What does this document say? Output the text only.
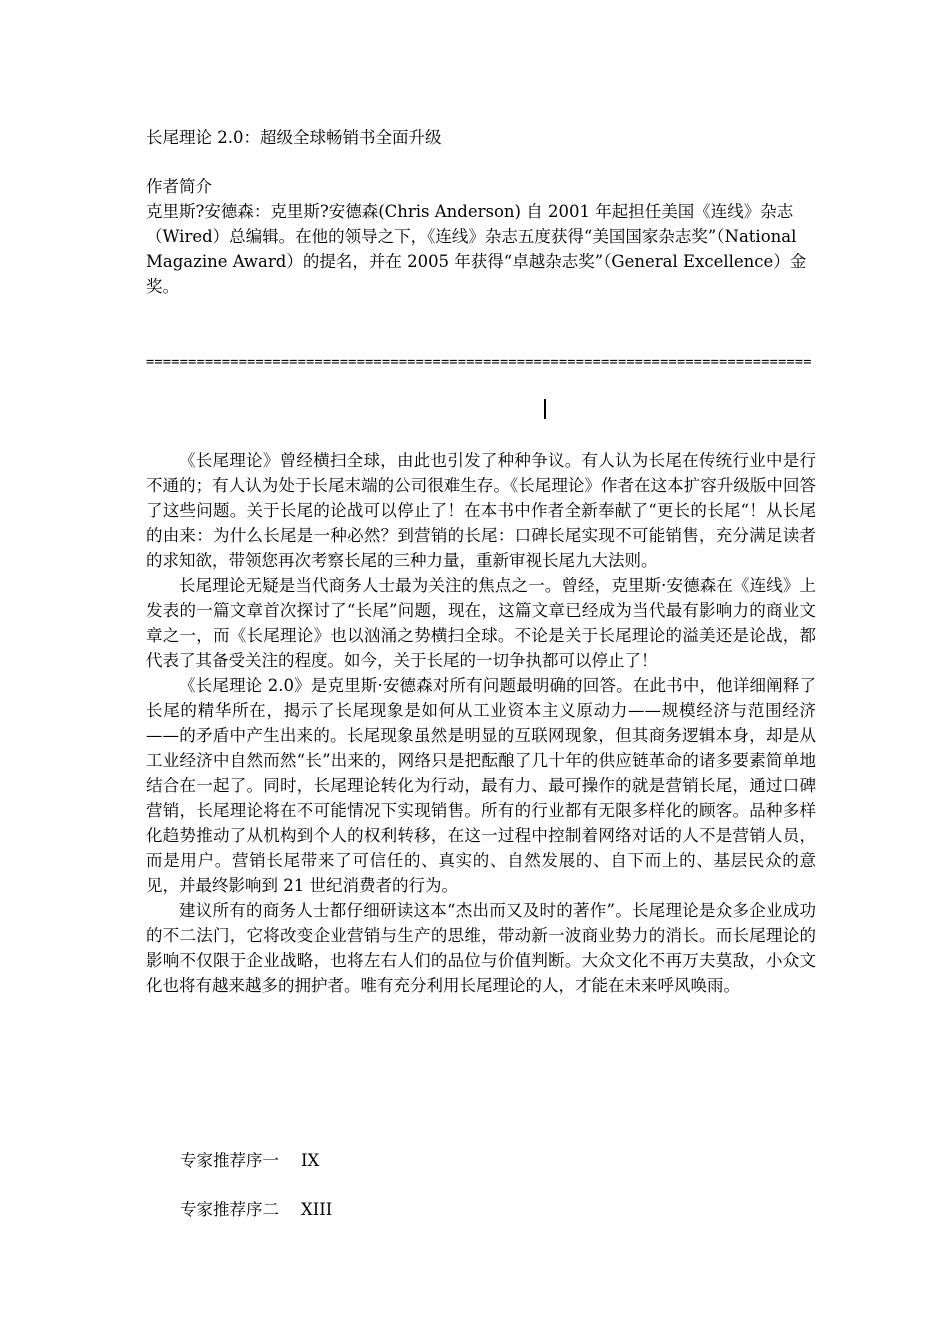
长尾理论 2.0：超级全球畅销书全面升级

作者简介

克里斯?安德森：克里斯?安德森(Chris Anderson) 自 2001 年起担任美国《连线》杂志（Wired）总编辑。在他的领导之下，《连线》杂志五度获得“美国国家杂志奖”（National Magazine Award）的提名，并在 2005 年获得“卓越杂志奖”（General Excellence）金奖。

===============================================================================

《长尾理论》曾经横扫全球，由此也引发了种种争议。有人认为长尾在传统行业中是行不通的；有人认为处于长尾末端的公司很难生存。《长尾理论》作者在这本扩容升级版中回答了这些问题。关于长尾的论战可以停止了！在本书中作者全新奉献了“更长的长尾“！从长尾的由来：为什么长尾是一种必然？到营销的长尾：口碑长尾实现不可能销售，充分满足读者的求知欲，带领您再次考察长尾的三种力量，重新审视长尾九大法则。

长尾理论无疑是当代商务人士最为关注的焦点之一。曾经，克里斯·安德森在《连线》上发表的一篇文章首次探讨了“长尾”问题，现在，这篇文章已经成为当代最有影响力的商业文章之一，而《长尾理论》也以汹涌之势横扫全球。不论是关于长尾理论的溢美还是论战，都代表了其备受关注的程度。如今，关于长尾的一切争执都可以停止了！

《长尾理论 2.0》是克里斯·安德森对所有问题最明确的回答。在此书中，他详细阐释了长尾的精华所在，揭示了长尾现象是如何从工业资本主义原动力——规模经济与范围经济——的矛盾中产生出来的。长尾现象虽然是明显的互联网现象，但其商务逻辑本身，却是从工业经济中自然而然“长”出来的，网络只是把酝酿了几十年的供应链革命的诸多要素简单地结合在一起了。同时，长尾理论转化为行动，最有力、最可操作的就是营销长尾，通过口碑营销，长尾理论将在不可能情况下实现销售。所有的行业都有无限多样化的顾客。品种多样化趋势推动了从机构到个人的权利转移，在这一过程中控制着网络对话的人不是营销人员，而是用户。营销长尾带来了可信任的、真实的、自然发展的、自下而上的、基层民众的意见，并最终影响到 21 世纪消费者的行为。

建议所有的商务人士都仔细研读这本“杰出而又及时的著作”。长尾理论是众多企业成功的不二法门，它将改变企业营销与生产的思维，带动新一波商业势力的消长。而长尾理论的影响不仅限于企业战略，也将左右人们的品位与价值判断。大众文化不再万夫莫敌，小众文化也将有越来越多的拥护者。唯有充分利用长尾理论的人，才能在未来呼风唤雨。

专家推荐序一 IX
专家推荐序二 XIII
